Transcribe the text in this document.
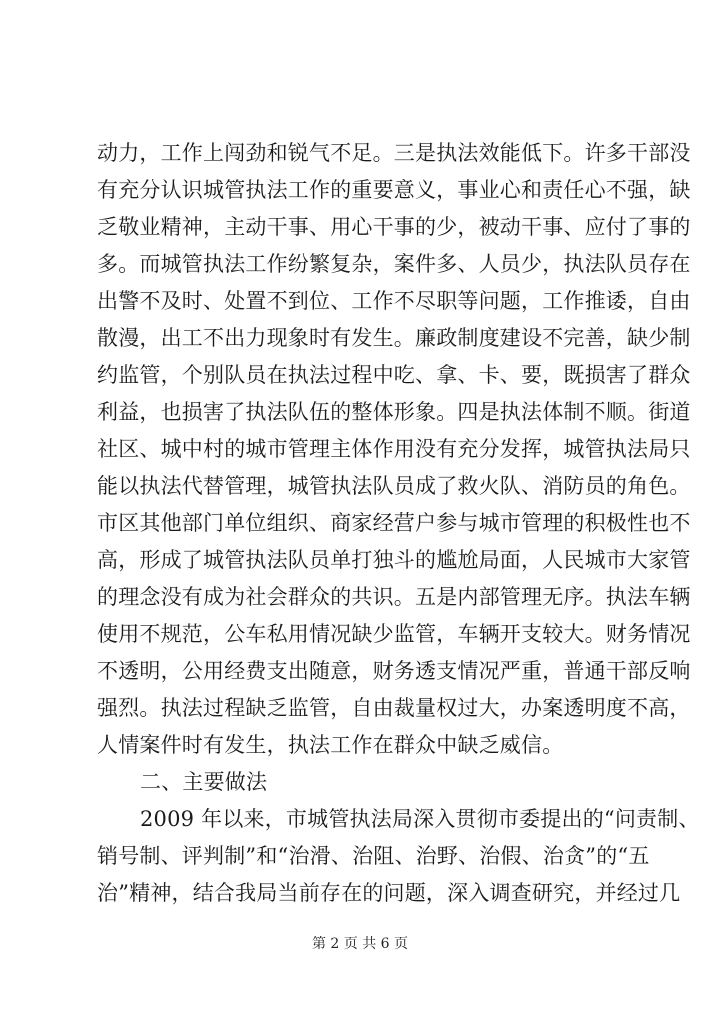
动力，工作上闯劲和锐气不足。三是执法效能低下。许多干部没
有充分认识城管执法工作的重要意义，事业心和责任心不强，缺
乏敬业精神，主动干事、用心干事的少，被动干事、应付了事的
多。而城管执法工作纷繁复杂，案件多、人员少，执法队员存在
出警不及时、处置不到位、工作不尽职等问题，工作推诿，自由
散漫，出工不出力现象时有发生。廉政制度建设不完善，缺少制
约监管，个别队员在执法过程中吃、拿、卡、要，既损害了群众
利益，也损害了执法队伍的整体形象。四是执法体制不顺。街道
社区、城中村的城市管理主体作用没有充分发挥，城管执法局只
能以执法代替管理，城管执法队员成了救火队、消防员的角色。
市区其他部门单位组织、商家经营户参与城市管理的积极性也不
高，形成了城管执法队员单打独斗的尴尬局面，人民城市大家管
的理念没有成为社会群众的共识。五是内部管理无序。执法车辆
使用不规范，公车私用情况缺少监管，车辆开支较大。财务情况
不透明，公用经费支出随意，财务透支情况严重，普通干部反响
强烈。执法过程缺乏监管，自由裁量权过大，办案透明度不高，
人情案件时有发生，执法工作在群众中缺乏威信。
二、主要做法
2009 年以来，市城管执法局深入贯彻市委提出的“问责制、
销号制、评判制”和“治滑、治阻、治野、治假、治贪”的“五
治”精神，结合我局当前存在的问题，深入调查研究，并经过几
第 2 页 共 6 页
